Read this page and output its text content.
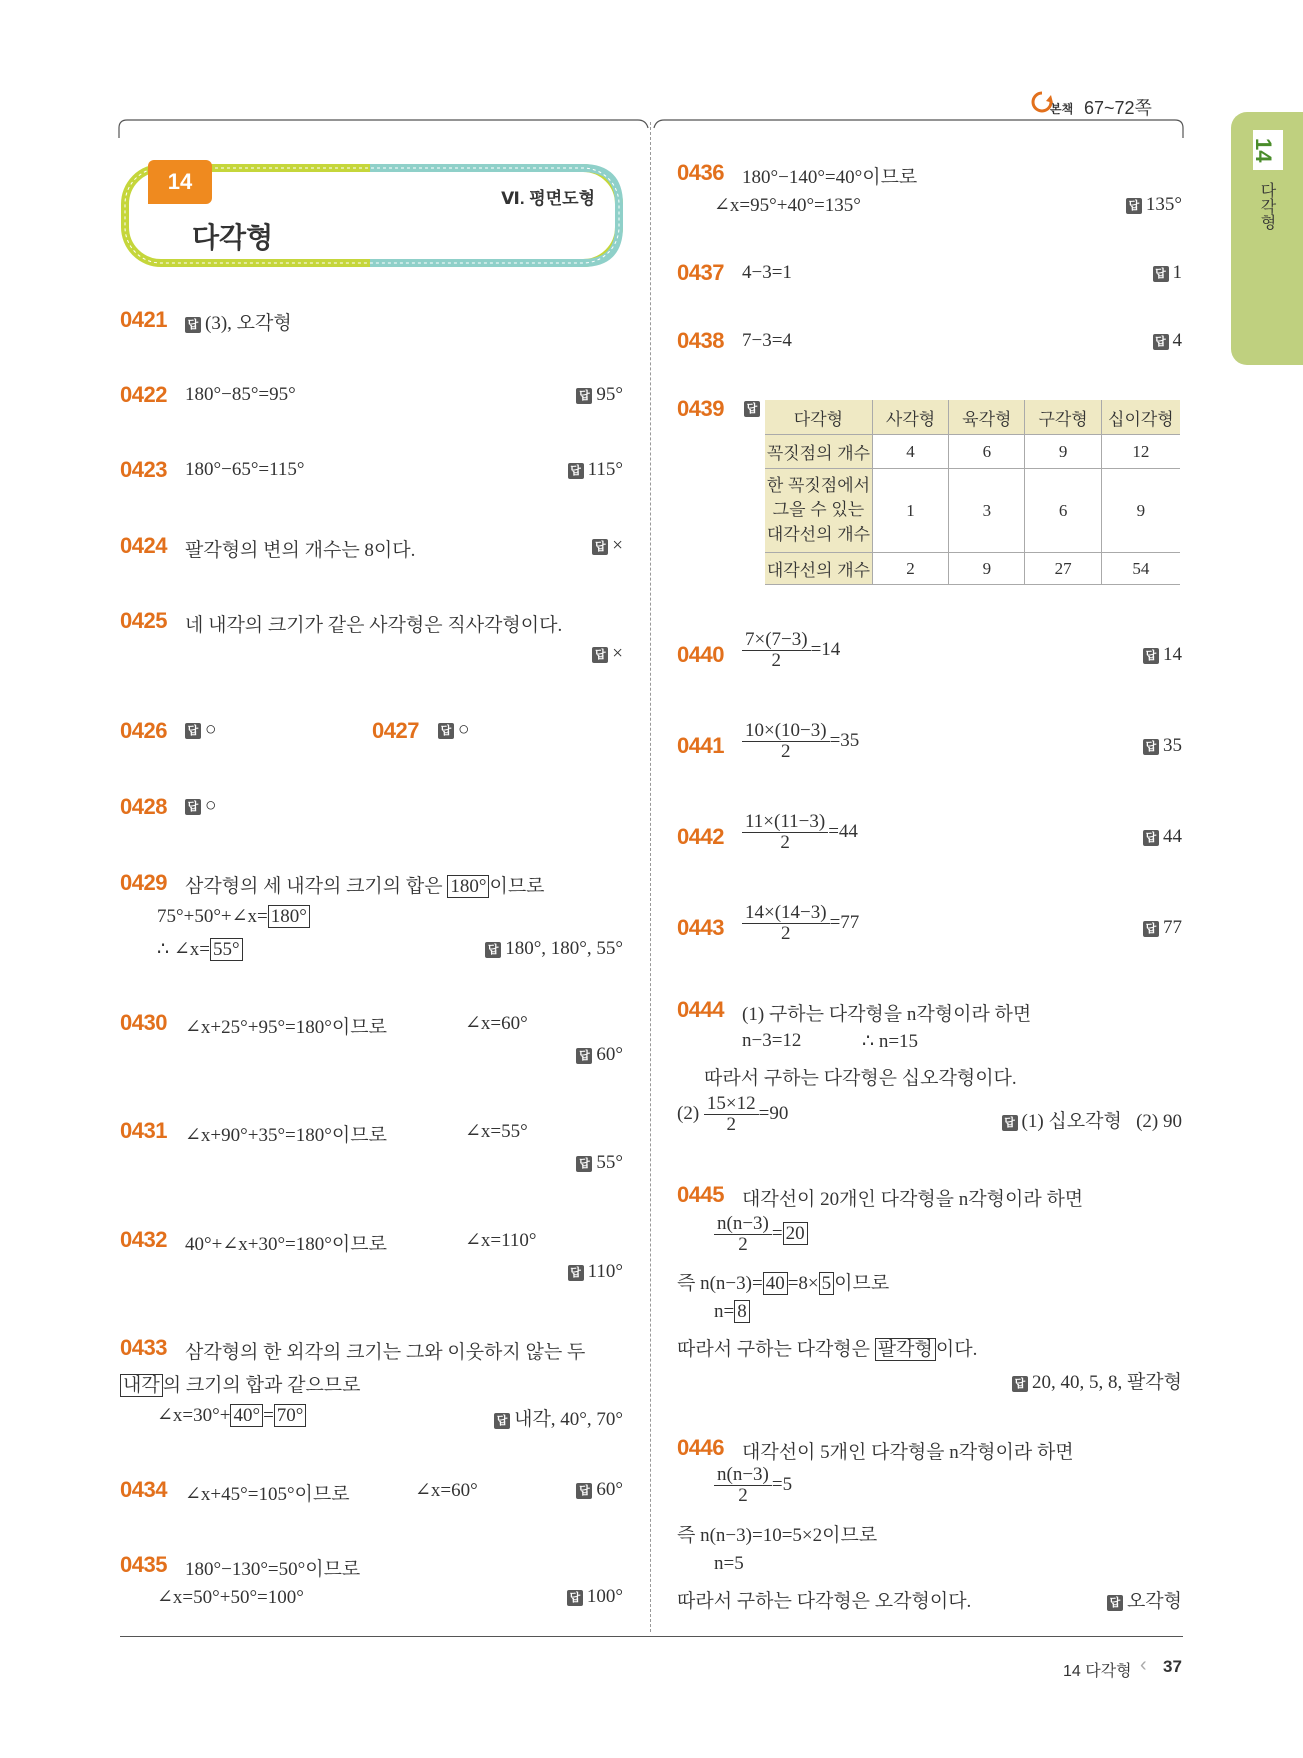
본책 67~72쪽
14
다각형
14
다각형
Ⅵ. 평면도형
0421 답 (3), 오각형
0422 180°−85°=95°	답 95°
0423 180°−65°=115°	답 115°
0424 팔각형의 변의 개수는 8이다.	답 ×
0425 네 내각의 크기가 같은 사각형은 직사각형이다.
답 ×
0426 답 ○	0427 답 ○
0428 답 ○
0429 삼각형의 세 내각의 크기의 합은 180° 이므로
75°+50°+∠x= 180°
∴ ∠x= 55°	답 180°, 180°, 55°
0430 ∠x+25°+95°=180°이므로	∠x=60°
답 60°
0431 ∠x+90°+35°=180°이므로	∠x=55°
답 55°
0432 40°+∠x+30°=180°이므로	∠x=110°
답 110°
0433 삼각형의 한 외각의 크기는 그와 이웃하지 않는 두
내각 의 크기의 합과 같으므로
∠x=30°+ 40° = 70°	답 내각, 40°, 70°
0434 ∠x+45°=105°이므로	∠x=60°	답 60°
0435 180°−130°=50°이므로
∠x=50°+50°=100°	답 100°
0436 180°−140°=40°이므로
∠x=95°+40°=135°	답 135°
0437 4−3=1	답 1
0438 7−3=4	답 4
0439 답
다각형	사각형	육각형	구각형	십이각형
꼭짓점의 개수	4	6	9	12

한 꼭짓점에서
그을 수 있는
대각선의 개수	1	3	6	9
대각선의 개수	2	9	27	54
$0440 \frac{7\times(7-3)}{2} =14$	답 14
$0441 \frac{10\times(10-3)}{2} =35$	답 35
$0442 \frac{11\times(11-3)}{2} =44$	답 44
$0443 \frac{14\times(14-3)}{2} =77$	답 77
0444 (1) 구하는 다각형을 n각형이라 하면
n−3=12	∴ n=15
따라서 구하는 다각형은 십오각형이다.
$(2) \frac{15\times 12}{2} =90$	답 (1) 십오각형   (2) 90
0445 대각선이 20개인 다각형을 n각형이라 하면
$\frac{n(n-3)}{2} = 20$
즉 n(n−3)= 40 =8× 5 이므로
n= 8
따라서 구하는 다각형은 팔각형 이다.
답 20, 40, 5, 8, 팔각형
0446 대각선이 5개인 다각형을 n각형이라 하면
$\frac{n(n-3)}{2} =5$
즉 n(n−3)=10=5×2이므로
n=5
따라서 구하는 다각형은 오각형이다.	답 오각형
14 다각형 ‹ 37
